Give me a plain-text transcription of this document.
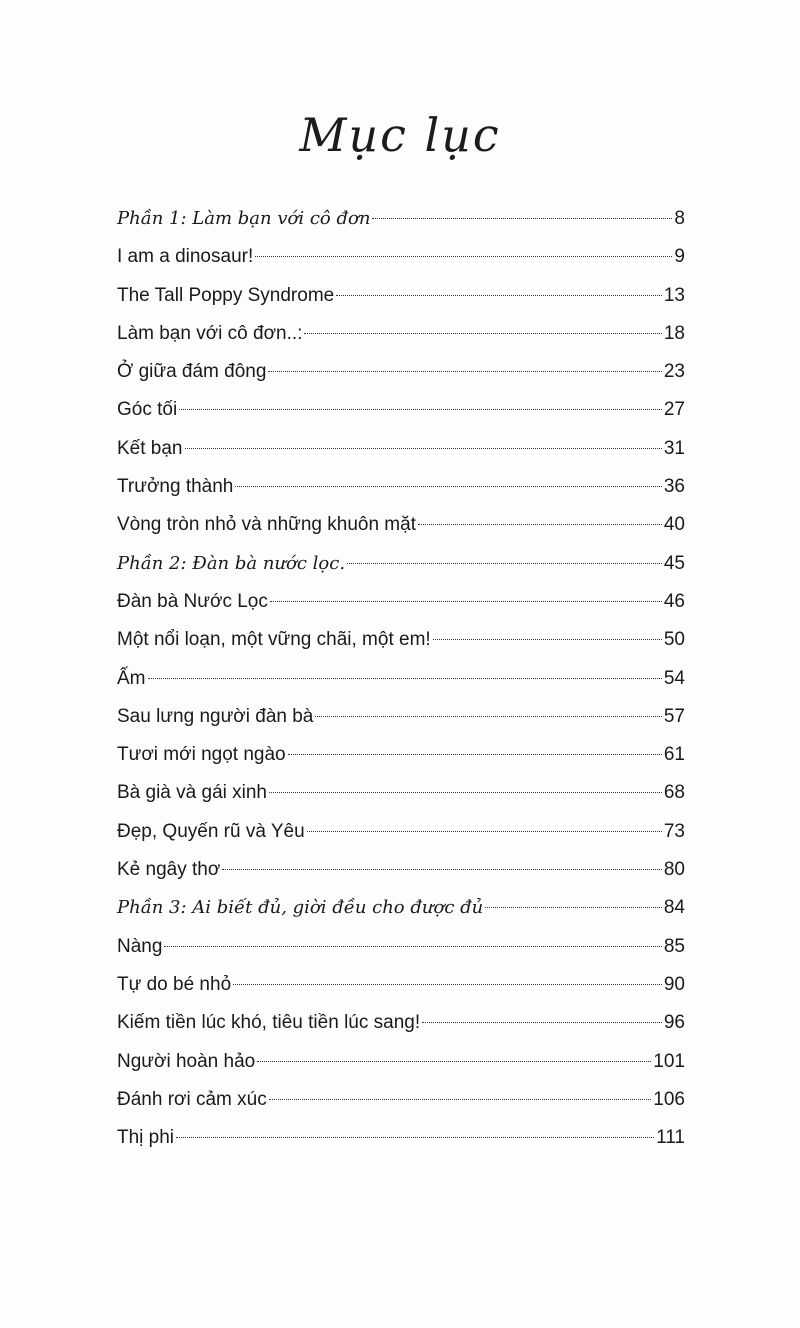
Mục lục
Phần 1: Làm bạn với cô đơn	8
I am a dinosaur!	9
The Tall Poppy Syndrome	13
Làm bạn với cô đơn..:	18
Ở giữa đám đông	23
Góc tối	27
Kết bạn	31
Trưởng thành	36
Vòng tròn nhỏ và những khuôn mặt	40
Phần 2: Đàn bà nước lọc.	45
Đàn bà Nước Lọc	46
Một nổi loạn, một vững chãi, một em!	50
Ấm	54
Sau lưng người đàn bà	57
Tươi mới ngọt ngào	61
Bà già và gái xinh	68
Đẹp, Quyến rũ và Yêu	73
Kẻ ngây thơ	80
Phần 3: Ai biết đủ, giời đều cho được đủ	84
Nàng	85
Tự do bé nhỏ	90
Kiếm tiền lúc khó, tiêu tiền lúc sang!	96
Người hoàn hảo	101
Đánh rơi cảm xúc	106
Thị phi	111
